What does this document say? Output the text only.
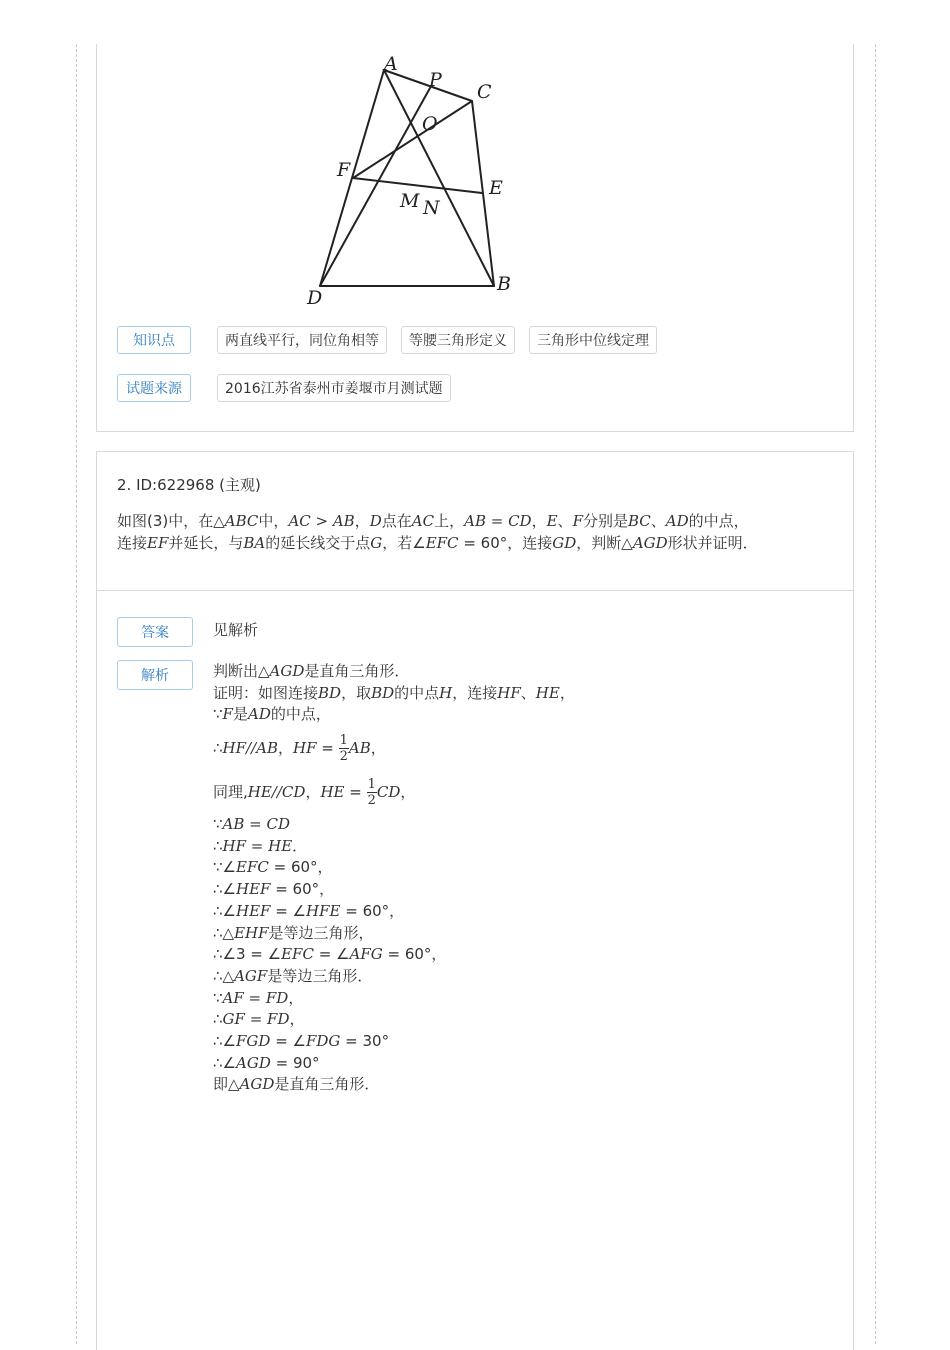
A
P
C
O
F
E
M N
D
B
知识点	两直线平行，同位角相等	等腰三角形定义	三角形中位线定理
试题来源	2016江苏省泰州市姜堰市月测试题
2. ID:622968 (主观)
如图(3)中，在△ABC中，AC > AB，D点在AC上，AB = CD，E、F分别是BC、AD的中点，
连接EF并延长，与BA的延长线交于点G，若∠EFC = 60°，连接GD，判断△AGD形状并证明．
答案	见解析
解析	判断出△AGD是直角三角形．
证明：如图连接BD，取BD的中点H，连接HF、HE，
∵F是AD的中点，
∴HF//AB，HF = $\frac{1}{2}$ AB，
同理,HE//CD，HE = $\frac{1}{2}$ CD，
∵AB = CD
∴HF = HE．
∵∠EFC = 60°，
∴∠HEF = 60°，
∴∠HEF = ∠HFE = 60°，
∴△EHF是等边三角形，
∴∠3 = ∠EFC = ∠AFG = 60°，
∴△AGF是等边三角形．
∵AF = FD，
∴GF = FD，
∴∠FGD = ∠FDG = 30°
∴∠AGD = 90°
即△AGD是直角三角形．
